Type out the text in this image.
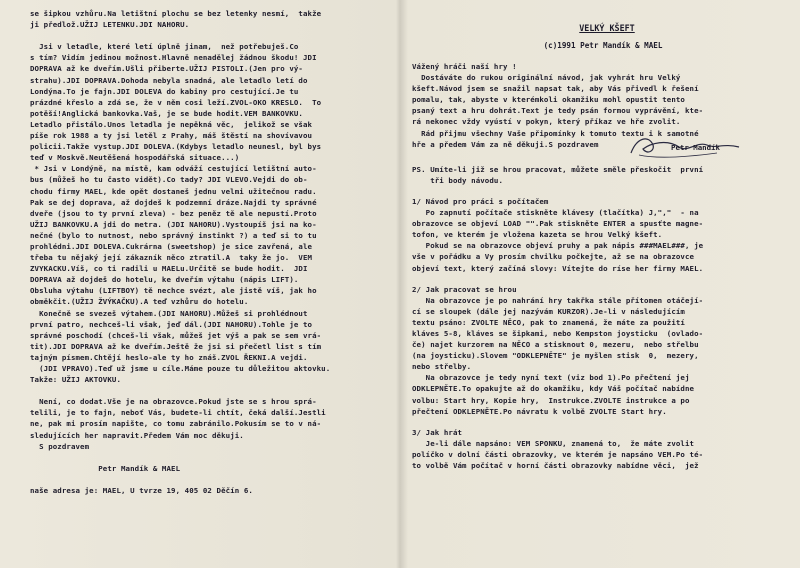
se šipkou vzhůru.Na letištní plochu se bez letenky nesmí,  takže
ji předlož.UŽIJ LETENKU.JDI NAHORU.

Jsi v letadle, které letí úplně jinam,  než potřebuješ.Co
s tím? Vidím jedinou možnost.Hlavně nenadělej žádnou škodu! JDI
DOPRAVA až ke dveřím.Ušli přiberte.UŽIJ PISTOLI.(Jen pro vý-
strahu).JDI DOPRAVA.Dohoda nebyla snadná, ale letadlo letí do
Londýna.To je fajn.JDI DOLEVA do kabiny pro cestující.Je tu
prázdné křeslo a zdá se, že v něm cosi leží.ZVOL-OKO KRESLO.  To
potěší!Anglická bankovka.Vaš, je se bude hodit.VEM BANKOVKU.
Letadlo přistálo.Unos letadla je nepěkná věc,  jelikož se však
píše rok 1988 a ty jsi letěl z Prahy, máš štěstí na shovívavou
policii.Takže vystup.JDI DOLEVA.(Kdybys letadlo neunesl, byl bys
teď v Moskvě.Neutěšená hospodářská situace...)
* Jsi v Londýně, na místě, kam odváží cestující letištní auto-
bus (můžeš ho tu často vidět).Co tady? JDI VLEVO.Vejdi do ob-
chodu firmy MAEL, kde opět dostaneš jednu velmi užitečnou radu.
Pak se dej doprava, až dojdeš k podzemní dráze.Najdi ty správné
dveře (jsou to ty první zleva) - bez peněz tě ale nepustí.Proto
UŽIJ BANKOVKU.A jdi do metra. (JDI NAHORU).Vystoupíš jsi na ko-
nečné (bylo to nutnost, nebo správný instinkt ?) a teď si to tu
prohlédni.JDI DOLEVA.Cukrárna (sweetshop) je sice zavřená, ale
třeba tu nějaký její zákazník něco ztratil.A  taky že jo.  VEM
ZVYKACKU.Víš, co ti radili u MAELu.Určitě se bude hodit.  JDI
DOPRAVA až dojdeš do hotelu, ke dveřím výtahu (nápis LIFT).
Obsluha výtahu (LIFTBOY) tě nechce svézt, ale jistě víš, jak ho
obměkčit.(UŽIJ ŽVÝKAČKU).A teď vzhůru do hotelu.
Konečně se svezeš výtahem.(JDI NAHORU).Můžeš si prohlédnout
první patro, nechceš-li však, jeď dál.(JDI NAHORU).Tohle je to
správné poschodí (chceš-li však, můžeš jet výš a pak se sem vrá-
tit).JDI DOPRAVA až ke dveřím.Ještě že jsi si přečetl list s tím
tajným písmem.Chtějí heslo-ale ty ho znáš.ZVOL ŘEKNI.A vejdi.
(JDI VPRAVO).Teď už jsme u cíle.Máme pouze tu důležitou aktovku.
Takže: UŽIJ AKTOVKU.

Není, co dodat.Vše je na obrazovce.Pokud jste se s hrou sprá-
telili, je to fajn, neboť Vás, budete-li chtít, čeká další.Jestli
ne, pak mi prosím napište, co tomu zabránilo.Pokusím se to v ná-
sledujících her napravit.Předem Vám moc děkuji.
S pozdravem

Petr Mandík & MAEL

naše adresa je: MAEL, U tvrze 19, 405 02 Děčín 6.
VELKÝ KŠEFT
(c)1991 Petr Mandík & MAEL
Vážený hráči naší hry !
Dostáváte do rukou originální návod, jak vyhrát hru Velký
kšeft.Návod jsem se snažil napsat tak, aby Vás přivedl k řešení
pomalu, tak, abyste v kterémkoli okamžiku mohl opustit tento
psaný text a hru dohrát.Text je tedy psán formou vyprávění, kte-
rá nekonec vždy vyústí v pokyn, který příkaz ve hře zvolit.
Rád přijmu všechny Vaše připomínky k tomuto textu i k samotné
hře a předem Vám za ně děkuji.S pozdravem
PS. Umíte-li již se hrou pracovat, můžete směle přeskočit  první
tři body návodu.
1/ Návod pro práci s počítačem
Po zapnutí počítače stiskněte klávesy (tlačítka) J,","  - na
obrazovce se objeví LOAD "".Pak stiskněte ENTER a spusťte magne-
tofon, ve kterém je vložena kazeta se hrou Velký kšeft.
Pokud se na obrazovce objeví pruhy a pak nápis ###MAEL###, je
vše v pořádku a Vy prosím chvilku počkejte, až se na obrazovce
objeví text, který začíná slovy: Vítejte do ríse her firmy MAEL.
2/ Jak pracovat se hrou
Na obrazovce je po nahrání hry takřka stále přítomen otáčejí-
cí se sloupek (dále jej nazývám KURZOR).Je-li v následujícím
textu psáno: ZVOLTE NĚCO, pak to znamená, že máte za použití
kláves 5-8, kláves se šipkami, nebo Kempston joysticku  (ovlado-
če) najet kurzorem na NĚCO a stisknout 0, mezeru,  nebo střelbu
(na joysticku).Slovem "ODKLEPNĚTE" je myšlen stisk  0,  mezery,
nebo střelby.
Na obrazovce je tedy nyní text (viz bod 1).Po přečtení jej
ODKLEPNĚTE.To opakujte až do okamžiku, kdy Váš počítač nabídne
volbu: Start hry, Kopie hry,  Instrukce.ZVOLTE instrukce a po
přečtení ODKLEPNĚTE.Po návratu k volbě ZVOLTE Start hry.
3/ Jak hrát
Je-li dále napsáno: VEM SPONKU, znamená to,  že máte zvolit
políčko v dolní části obrazovky, ve kterém je napsáno VEM.Po té-
to volbě Vám počítač v horní části obrazovky nabídne věci,  jež
Petr Mandík
